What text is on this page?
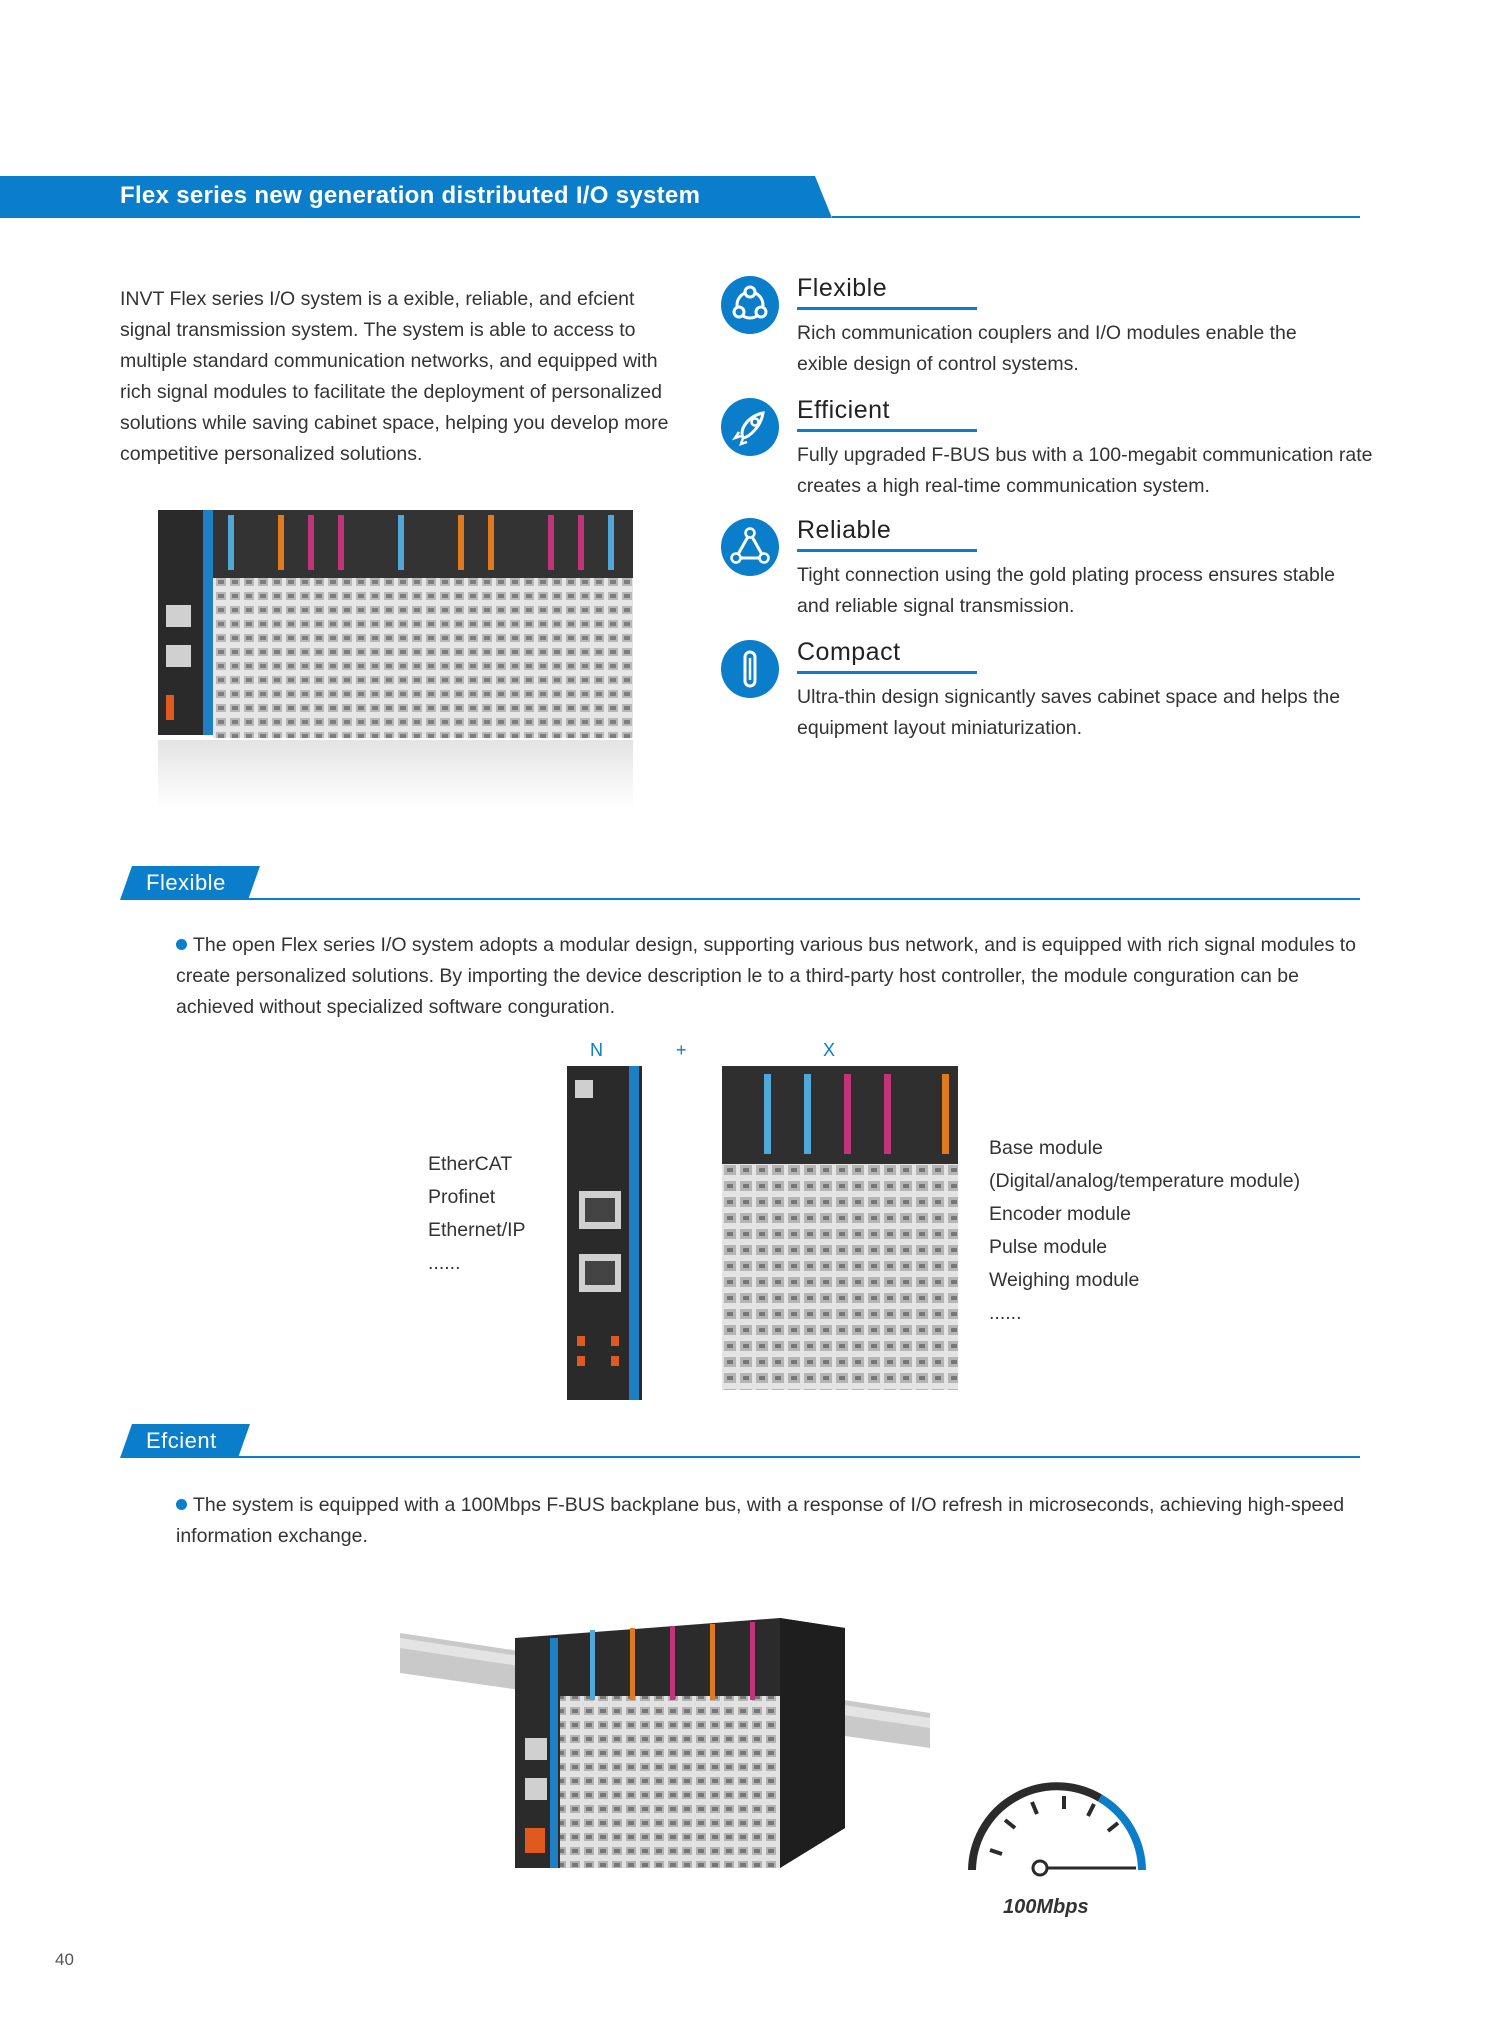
Flex series new generation distributed I/O system
INVT Flex series I/O system is a exible, reliable, and efcient signal transmission system. The system is able to access to multiple standard communication networks, and equipped with rich signal modules to facilitate the deployment of personalized solutions while saving cabinet space, helping you develop more competitive personalized solutions.
Flexible
Rich communication couplers and I/O modules enable the exible design of control systems.
Efficient
Fully upgraded F-BUS bus with a 100-megabit communication rate creates a high real-time communication system.
Reliable
Tight connection using the gold plating process ensures stable and reliable signal transmission.
Compact
Ultra-thin design signicantly saves cabinet space and helps the equipment layout miniaturization.
Flexible
The open Flex series I/O system adopts a modular design, supporting various bus network, and is equipped with rich signal modules to create personalized solutions. By importing the device description le to a third-party host controller, the module conguration can be achieved without specialized software conguration.
N	+	X
EtherCAT
Profinet
Ethernet/IP
......
Base module
(Digital/analog/temperature module)
Encoder module
Pulse module
Weighing module
......
Efcient
The system is equipped with a 100Mbps F-BUS backplane bus, with a response of I/O refresh in microseconds, achieving high-speed information exchange.
100Mbps
40
